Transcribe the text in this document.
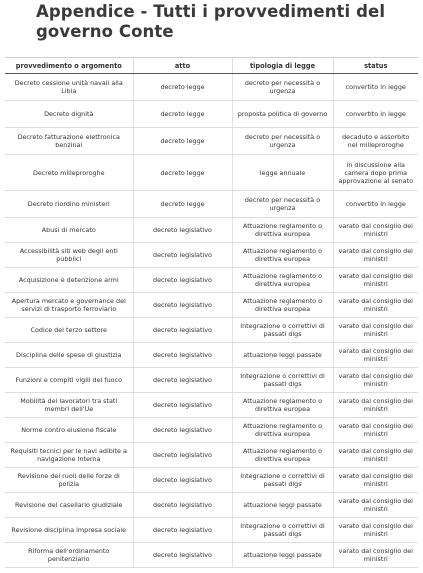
Appendice - Tutti i provvedimenti del governo Conte
provvedimento o argomento	atto	tipologia di legge	status
Decreto cessione unità navali alla Libia	decreto legge	decreto per necessità o urgenza	convertito in legge
Decreto dignità	decreto legge	proposta politica di governo	convertito in legge
Decreto fatturazione elettronica benzinai	decreto legge	decreto per necessità o urgenza	decaduto e assorbito nel milleproroghe
Decreto milleproroghe	decreto legge	legge annuale	in discussione alla camera dopo prima approvazione al senato
Decreto riordino ministeri	decreto legge	decreto per necessità o urgenza	convertito in legge
Abusi di mercato	decreto legislativo	Attuazione reglamento o direttiva europea	varato dal consiglio dei ministri
Accessibilità siti web degli enti pubblici	decreto legislativo	Attuazione reglamento o direttiva europea	varato dal consiglio dei ministri
Acquisizione e detenzione armi	decreto legislativo	Attuazione reglamento o direttiva europea	varato dal consiglio dei ministri
Apertura mercato e governance dei servizi di trasporto ferroviario	decreto legislativo	Attuazione reglamento o direttiva europea	varato dal consiglio dei ministri
Codice del terzo settore	decreto legislativo	Integrazione o correttivi di passati dlgs	varato dal consiglio dei ministri
Disciplina delle spese di giustizia	decreto legislativo	attuazione leggi passate	varato dal consiglio dei ministri
Funzioni e compiti vigili del fuoco	decreto legislativo	Integrazione o correttivi di passati dlgs	varato dal consiglio dei ministri
Mobilità dei lavoratori tra stati membri dell'Ue	decreto legislativo	Attuazione reglamento o direttiva europea	varato dal consiglio dei ministri
Norme contro elusione fiscale	decreto legislativo	Attuazione reglamento o direttiva europea	varato dal consiglio dei ministri
Requisiti tecnici per le navi adibite a navigazione interna	decreto legislativo	Attuazione reglamento o direttiva europea	varato dal consiglio dei ministri
Revisione dei ruoli delle forze di polizia	decreto legislativo	Integrazione o correttivi di passati dlgs	varato dal consiglio dei ministri
Revisione del casellario giudiziale	decreto legislativo	attuazione leggi passate	varato dal consiglio dei ministri
Revisione disciplina impresa sociale	decreto legislativo	Integrazione o correttivi di passati dlgs	varato dal consiglio dei ministri
Riforma dell'ordinamento penitenziario	decreto legislativo	attuazione leggi passate	varato dal consiglio dei ministri
